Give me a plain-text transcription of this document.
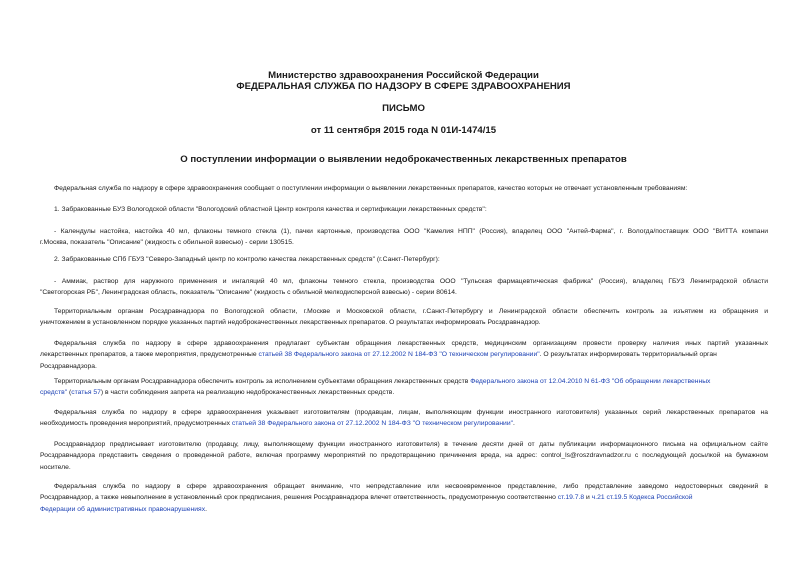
Министерство здравоохранения Российской Федерации
ФЕДЕРАЛЬНАЯ СЛУЖБА ПО НАДЗОРУ В СФЕРЕ ЗДРАВООХРАНЕНИЯ
ПИСЬМО
от 11 сентября 2015 года N 01И-1474/15
О поступлении информации о выявлении недоброкачественных лекарственных препаратов
Федеральная служба по надзору в сфере здравоохранения сообщает о поступлении информации о выявлении лекарственных препаратов, качество которых не отвечает установленным требованиям:
1. Забракованные БУЗ Вологодской области "Вологодский областной Центр контроля качества и сертификации лекарственных средств":
- Календулы настойка, настойка 40 мл, флаконы темного стекла (1), пачки картонные, производства ООО "Камелия НПП" (Россия), владелец ООО "Антей-Фарма", г. Вологда/поставщик ООО "ВИТТА компани
г.Москва, показатель "Описание" (жидкость с обильной взвесью) - серии 130515.
2. Забракованные СПб ГБУЗ "Северо-Западный центр по контролю качества лекарственных средств" (г.Санкт-Петербург):
- Аммиак, раствор для наружного применения и ингаляций 40 мл, флаконы темного стекла, производства ООО "Тульская фармацевтическая фабрика" (Россия), владелец ГБУЗ Ленинградской области
"Светогорская РБ", Ленинградская область, показатель "Описание" (жидкость с обильной мелкодисперсной взвесью) - серии 80614.
Территориальным органам Росздравнадзора по Вологодской области, г.Москве и Московской области, г.Санкт-Петербургу и Ленинградской области обеспечить контроль за изъятием из обращения и
уничтожением в установленном порядке указанных партий недоброкачественных лекарственных препаратов. О результатах информировать Росздравнадзор.
Федеральная служба по надзору в сфере здравоохранения предлагает субъектам обращения лекарственных средств, медицинским организациям провести проверку наличия иных партий указанных
лекарственных препаратов, а также мероприятия, предусмотренные статьей 38 Федерального закона от 27.12.2002 N 184-ФЗ "О техническом регулировании". О результатах информировать территориальный орган
Росздравнадзора.
Территориальным органам Росздравнадзора обеспечить контроль за исполнением субъектами обращения лекарственных средств Федерального закона от 12.04.2010 N 61-ФЗ "Об обращении лекарственных
средств" (статья 57) в части соблюдения запрета на реализацию недоброкачественных лекарственных средств.
Федеральная служба по надзору в сфере здравоохранения указывает изготовителям (продавцам, лицам, выполняющим функции иностранного изготовителя) указанных серий лекарственных препаратов на
необходимость проведения мероприятий, предусмотренных статьей 38 Федерального закона от 27.12.2002 N 184-ФЗ "О техническом регулировании".
Росздравнадзор предписывает изготовителю (продавцу, лицу, выполняющему функции иностранного изготовителя) в течение десяти дней от даты публикации информационного письма на официальном сайте
Росздравнадзора представить сведения о проведенной работе, включая программу мероприятий по предотвращению причинения вреда, на адрес: control_ls@roszdravnadzor.ru с последующей досылкой на бумажном
носителе.
Федеральная служба по надзору в сфере здравоохранения обращает внимание, что непредставление или несвоевременное представление, либо представление заведомо недостоверных сведений в
Росздравнадзор, а также невыполнение в установленный срок предписания, решения Росздравнадзора влечет ответственность, предусмотренную соответственно ст.19.7.8 и ч.21 ст.19.5 Кодекса Российской
Федерации об административных правонарушениях.
